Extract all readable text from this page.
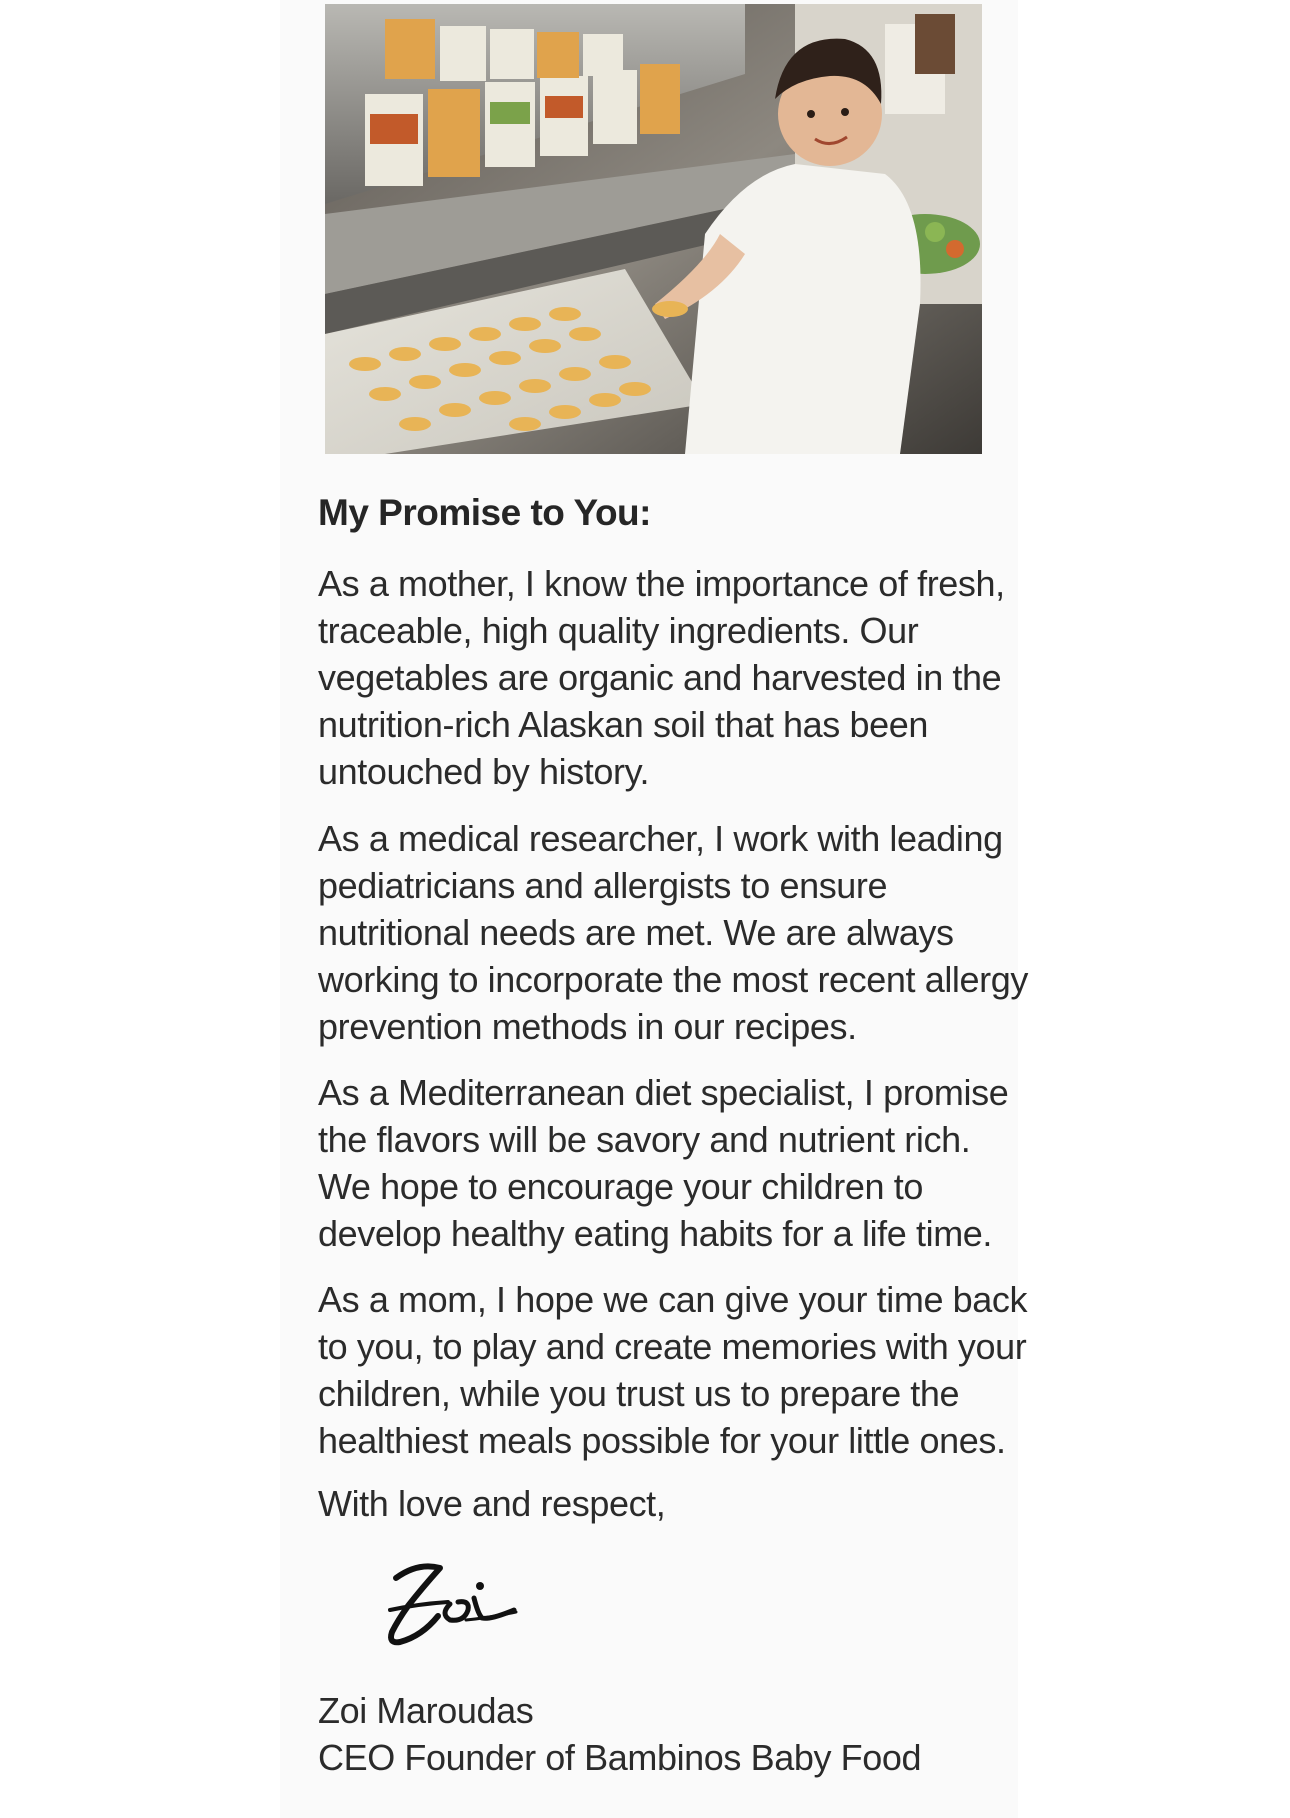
My Promise to You:

As a mother, I know the importance of fresh,
traceable, high quality ingredients. Our
vegetables are organic and harvested in the
nutrition-rich Alaskan soil that has been
untouched by history.

As a medical researcher, I work with leading
pediatricians and allergists to ensure
nutritional needs are met. We are always
working to incorporate the most recent allergy
prevention methods in our recipes.

As a Mediterranean diet specialist, I promise
the flavors will be savory and nutrient rich.
We hope to encourage your children to
develop healthy eating habits for a life time.

As a mom, I hope we can give your time back
to you, to play and create memories with your
children, while you trust us to prepare the
healthiest meals possible for your little ones.

With love and respect,

Zoi Maroudas

CEO Founder of Bambinos Baby Food
